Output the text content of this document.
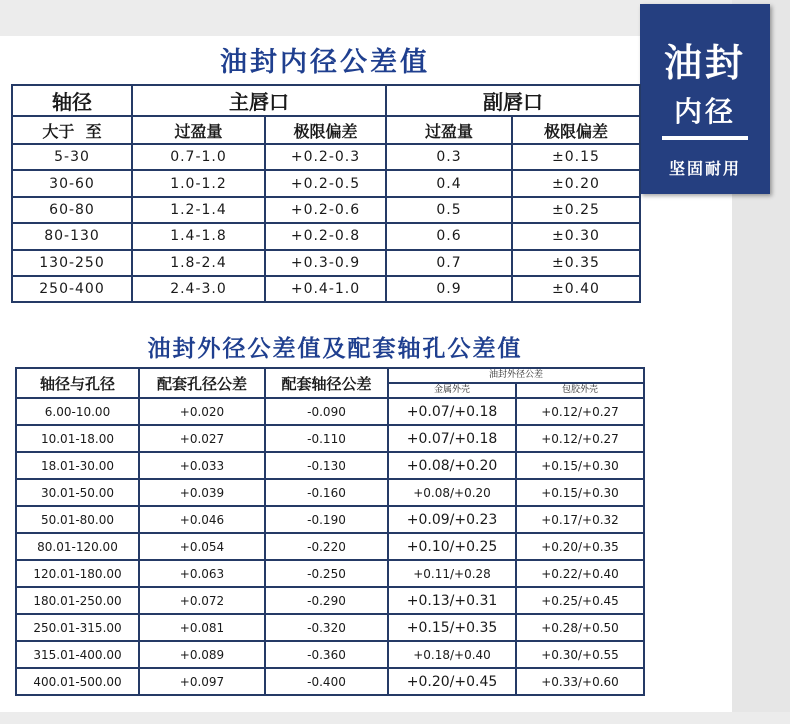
油封
内径
坚固耐用
油封内径公差值
轴径	主唇口		副唇口	
大于  至	过盈量	极限偏差	过盈量	极限偏差
5-30	0.7-1.0	+0.2-0.3	0.3	±0.15
30-60	1.0-1.2	+0.2-0.5	0.4	±0.20
60-80	1.2-1.4	+0.2-0.6	0.5	±0.25
80-130	1.4-1.8	+0.2-0.8	0.6	±0.30
130-250	1.8-2.4	+0.3-0.9	0.7	±0.35
250-400	2.4-3.0	+0.4-1.0	0.9	±0.40
油封外径公差值及配套轴孔公差值
轴径与孔径	配套孔径公差	配套轴径公差	油封外径公差	
			金属外壳	包胶外壳
6.00-10.00	+0.020	-0.090	+0.07/+0.18	+0.12/+0.27
10.01-18.00	+0.027	-0.110	+0.07/+0.18	+0.12/+0.27
18.01-30.00	+0.033	-0.130	+0.08/+0.20	+0.15/+0.30
30.01-50.00	+0.039	-0.160	+0.08/+0.20	+0.15/+0.30
50.01-80.00	+0.046	-0.190	+0.09/+0.23	+0.17/+0.32
80.01-120.00	+0.054	-0.220	+0.10/+0.25	+0.20/+0.35
120.01-180.00	+0.063	-0.250	+0.11/+0.28	+0.22/+0.40
180.01-250.00	+0.072	-0.290	+0.13/+0.31	+0.25/+0.45
250.01-315.00	+0.081	-0.320	+0.15/+0.35	+0.28/+0.50
315.01-400.00	+0.089	-0.360	+0.18/+0.40	+0.30/+0.55
400.01-500.00	+0.097	-0.400	+0.20/+0.45	+0.33/+0.60
